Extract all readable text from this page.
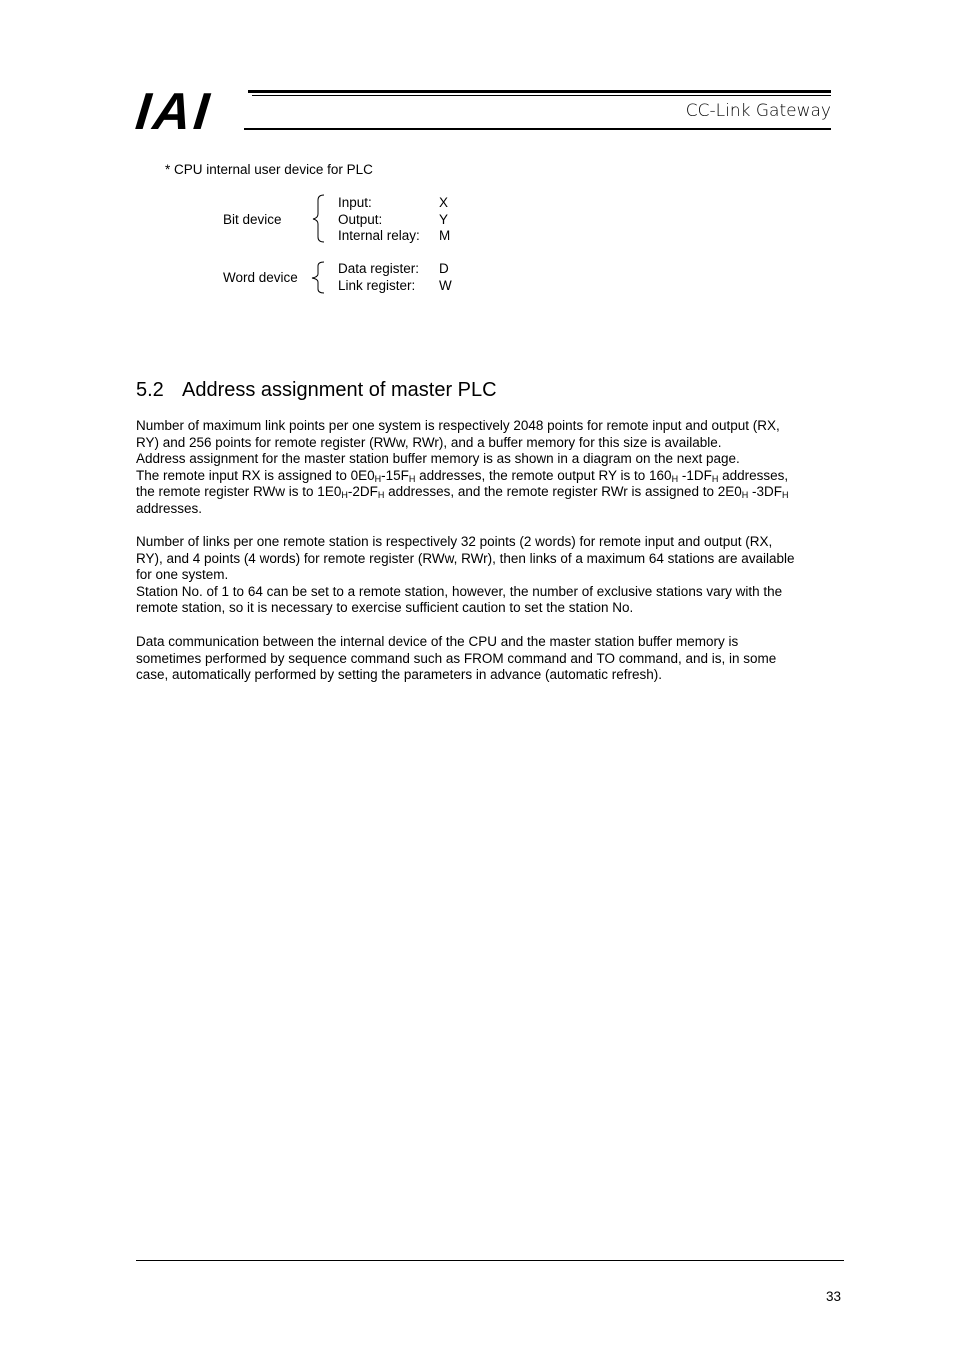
IAI	CC-Link Gateway
* CPU internal user device for PLC
Bit device
Input:	X
Output:	Y
Internal relay: M
Word device
Data register: D
Link register: W
5.2 Address assignment of master PLC
Number of maximum link points per one system is respectively 2048 points for remote input and output (RX,
RY) and 256 points for remote register (RWw, RWr), and a buffer memory for this size is available.
Address assignment for the master station buffer memory is as shown in a diagram on the next page.
The remote input RX is assigned to $0E0_H-15F_H$ addresses, the remote output RY is to $160_H$ $-1DF_H$ addresses,
the remote register RWw is to $1E0_H-2DF_H$ addresses, and the remote register RWr is assigned to $2E0_H$ $-3DF_H$
addresses.
Number of links per one remote station is respectively 32 points (2 words) for remote input and output (RX,
RY), and 4 points (4 words) for remote register (RWw, RWr), then links of a maximum 64 stations are available
for one system.
Station No. of 1 to 64 can be set to a remote station, however, the number of exclusive stations vary with the
remote station, so it is necessary to exercise sufficient caution to set the station No.
Data communication between the internal device of the CPU and the master station buffer memory is
sometimes performed by sequence command such as FROM command and TO command, and is, in some
case, automatically performed by setting the parameters in advance (automatic refresh).
33
